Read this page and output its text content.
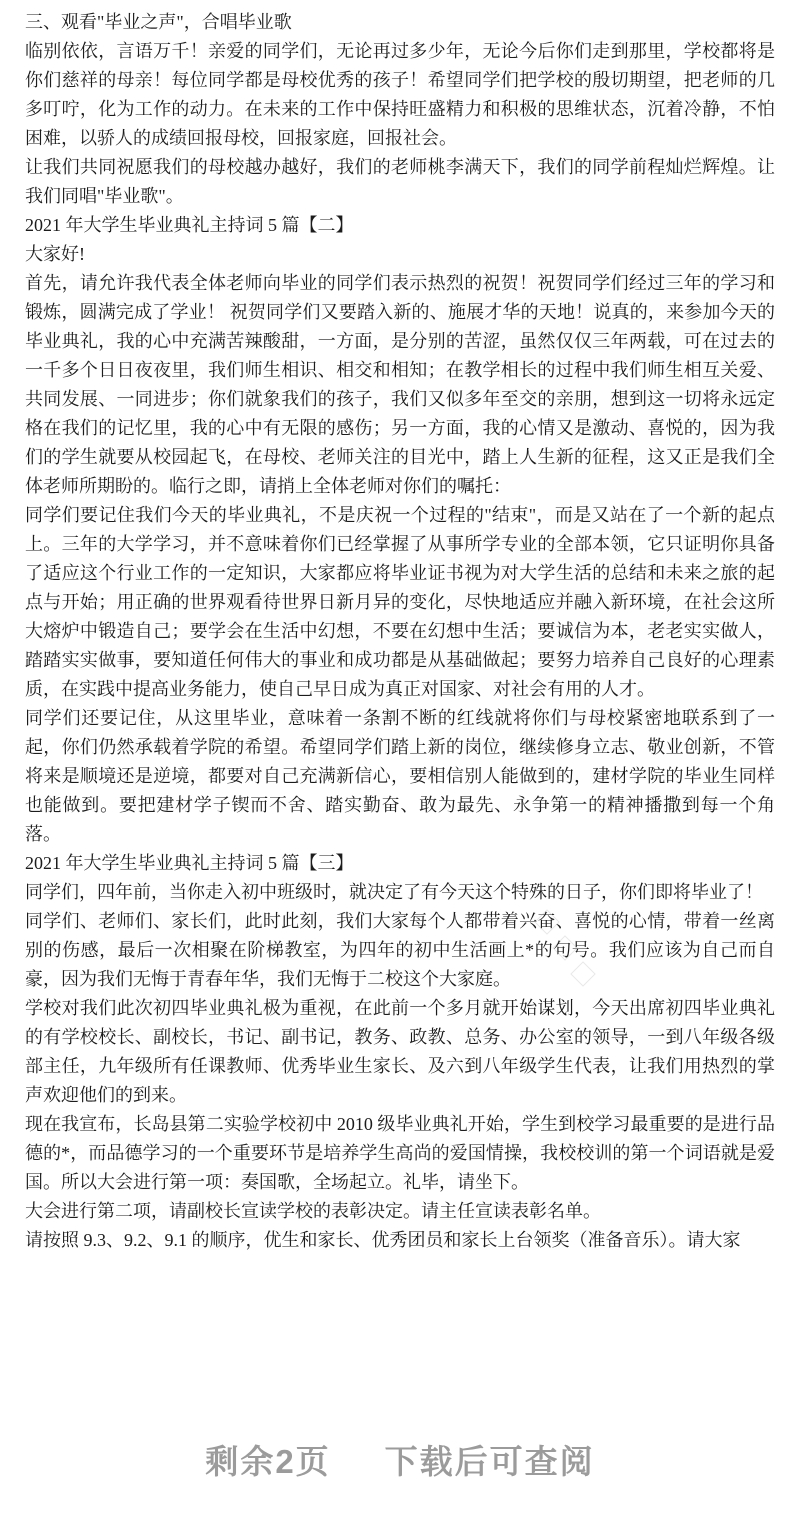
三、观看"毕业之声"，合唱毕业歌

临别依依，言语万千！亲爱的同学们，无论再过多少年，无论今后你们走到那里，学校都将是你们慈祥的母亲！每位同学都是母校优秀的孩子！希望同学们把学校的殷切期望，把老师的几多叮咛，化为工作的动力。在未来的工作中保持旺盛精力和积极的思维状态，沉着冷静，不怕困难，以骄人的成绩回报母校，回报家庭，回报社会。

让我们共同祝愿我们的母校越办越好，我们的老师桃李满天下，我们的同学前程灿烂辉煌。让我们同唱"毕业歌"。

2021 年大学生毕业典礼主持词 5 篇【二】

大家好!

首先，请允许我代表全体老师向毕业的同学们表示热烈的祝贺！祝贺同学们经过三年的学习和锻炼，圆满完成了学业！ 祝贺同学们又要踏入新的、施展才华的天地！说真的，来参加今天的毕业典礼，我的心中充满苦辣酸甜，一方面，是分别的苦涩，虽然仅仅三年两载，可在过去的一千多个日日夜夜里，我们师生相识、相交和相知；在教学相长的过程中我们师生相互关爱、共同发展、一同进步；你们就象我们的孩子，我们又似多年至交的亲朋，想到这一切将永远定格在我们的记忆里，我的心中有无限的感伤；另一方面，我的心情又是激动、喜悦的，因为我们的学生就要从校园起飞，在母校、老师关注的目光中，踏上人生新的征程，这又正是我们全体老师所期盼的。临行之即，请捎上全体老师对你们的嘱托：

同学们要记住我们今天的毕业典礼，不是庆祝一个过程的"结束"，而是又站在了一个新的起点上。三年的大学学习，并不意味着你们已经掌握了从事所学专业的全部本领，它只证明你具备了适应这个行业工作的一定知识，大家都应将毕业证书视为对大学生活的总结和未来之旅的起点与开始；用正确的世界观看待世界日新月异的变化，尽快地适应并融入新环境，在社会这所大熔炉中锻造自己；要学会在生活中幻想，不要在幻想中生活；要诚信为本，老老实实做人，踏踏实实做事，要知道任何伟大的事业和成功都是从基础做起；要努力培养自己良好的心理素质，在实践中提高业务能力，使自己早日成为真正对国家、对社会有用的人才。

同学们还要记住，从这里毕业，意味着一条割不断的红线就将你们与母校紧密地联系到了一起，你们仍然承载着学院的希望。希望同学们踏上新的岗位，继续修身立志、敬业创新，不管将来是顺境还是逆境，都要对自己充满新信心，要相信别人能做到的，建材学院的毕业生同样也能做到。要把建材学子锲而不舍、踏实勤奋、敢为最先、永争第一的精神播撒到每一个角落。

2021 年大学生毕业典礼主持词 5 篇【三】

同学们，四年前，当你走入初中班级时，就决定了有今天这个特殊的日子，你们即将毕业了！

同学们、老师们、家长们，此时此刻，我们大家每个人都带着兴奋、喜悦的心情，带着一丝离别的伤感，最后一次相聚在阶梯教室，为四年的初中生活画上*的句号。我们应该为自己而自豪，因为我们无悔于青春年华，我们无悔于二校这个大家庭。

学校对我们此次初四毕业典礼极为重视，在此前一个多月就开始谋划，今天出席初四毕业典礼的有学校校长、副校长，书记、副书记，教务、政教、总务、办公室的领导，一到八年级各级部主任，九年级所有任课教师、优秀毕业生家长、及六到八年级学生代表，让我们用热烈的掌声欢迎他们的到来。

现在我宣布，长岛县第二实验学校初中 2010 级毕业典礼开始，学生到校学习最重要的是进行品德的*，而品德学习的一个重要环节是培养学生高尚的爱国情操，我校校训的第一个词语就是爱国。所以大会进行第一项：奏国歌，全场起立。礼毕，请坐下。

大会进行第二项，请副校长宣读学校的表彰决定。请主任宣读表彰名单。

请按照 9.3、9.2、9.1 的顺序，优生和家长、优秀团员和家长上台领奖（准备音乐）。请大家

剩余2页 下载后可查阅
